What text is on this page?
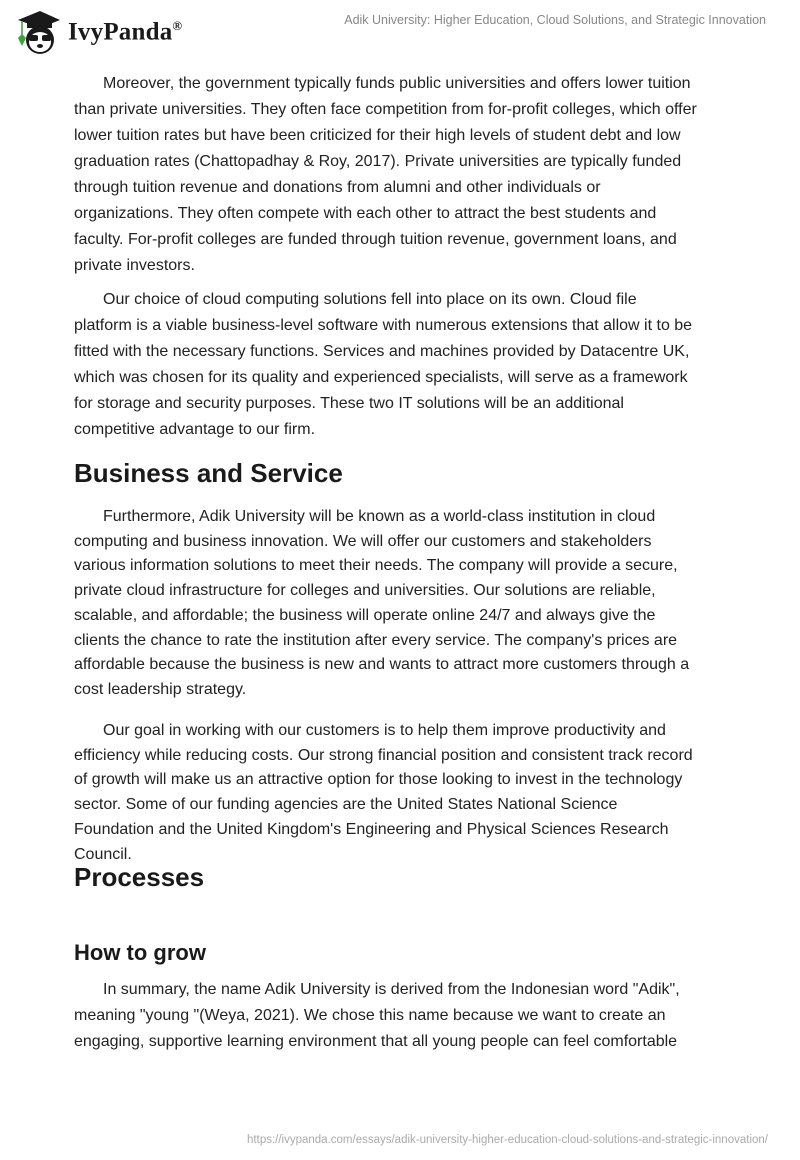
IvyPanda®	Adik University: Higher Education, Cloud Solutions, and Strategic Innovation
Moreover, the government typically funds public universities and offers lower tuition
than private universities. They often face competition from for-profit colleges, which offer
lower tuition rates but have been criticized for their high levels of student debt and low
graduation rates (Chattopadhay & Roy, 2017). Private universities are typically funded
through tuition revenue and donations from alumni and other individuals or
organizations. They often compete with each other to attract the best students and
faculty. For-profit colleges are funded through tuition revenue, government loans, and
private investors.
Our choice of cloud computing solutions fell into place on its own. Cloud file
platform is a viable business-level software with numerous extensions that allow it to be
fitted with the necessary functions. Services and machines provided by Datacentre UK,
which was chosen for its quality and experienced specialists, will serve as a framework
for storage and security purposes. These two IT solutions will be an additional
competitive advantage to our firm.
Business and Service
Furthermore, Adik University will be known as a world-class institution in cloud
computing and business innovation. We will offer our customers and stakeholders
various information solutions to meet their needs. The company will provide a secure,
private cloud infrastructure for colleges and universities. Our solutions are reliable,
scalable, and affordable; the business will operate online 24/7 and always give the
clients the chance to rate the institution after every service. The company's prices are
affordable because the business is new and wants to attract more customers through a
cost leadership strategy.
Our goal in working with our customers is to help them improve productivity and
efficiency while reducing costs. Our strong financial position and consistent track record
of growth will make us an attractive option for those looking to invest in the technology
sector. Some of our funding agencies are the United States National Science
Foundation and the United Kingdom's Engineering and Physical Sciences Research
Council.
Processes
How to grow
In summary, the name Adik University is derived from the Indonesian word "Adik",
meaning "young "(Weya, 2021). We chose this name because we want to create an
engaging, supportive learning environment that all young people can feel comfortable
https://ivypanda.com/essays/adik-university-higher-education-cloud-solutions-and-strategic-innovation/
